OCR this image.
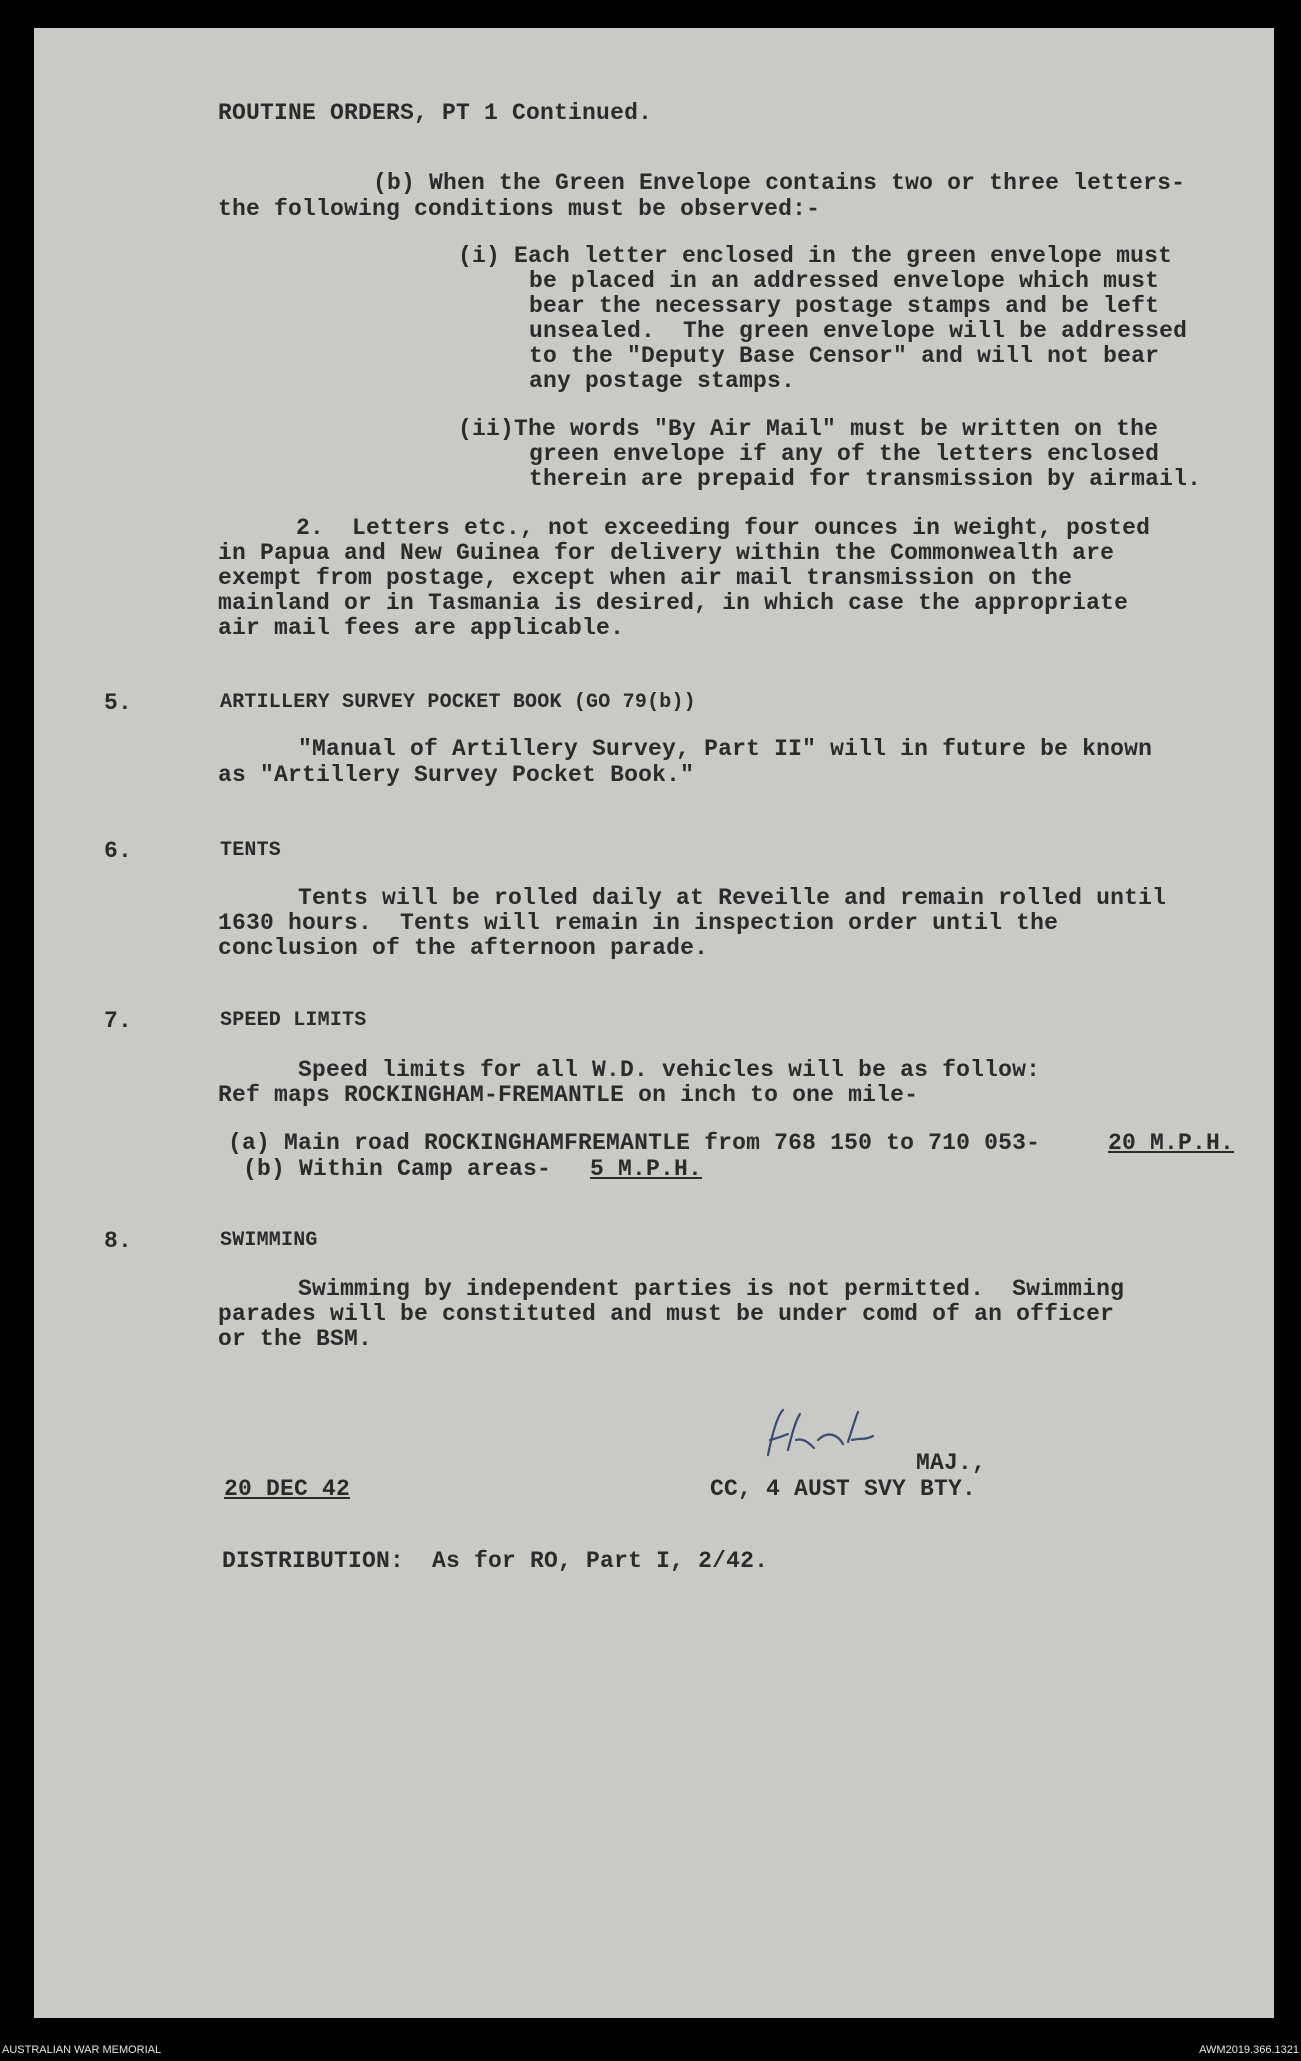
ROUTINE ORDERS, PT 1 Continued.
(b) When the Green Envelope contains two or three letters-
the following conditions must be observed:-
(i) Each letter enclosed in the green envelope must
be placed in an addressed envelope which must
bear the necessary postage stamps and be left
unsealed.  The green envelope will be addressed
to the "Deputy Base Censor" and will not bear
any postage stamps.
(ii)The words "By Air Mail" must be written on the
green envelope if any of the letters enclosed
therein are prepaid for transmission by airmail.
2.  Letters etc., not exceeding four ounces in weight, posted
in Papua and New Guinea for delivery within the Commonwealth are
exempt from postage, except when air mail transmission on the
mainland or in Tasmania is desired, in which case the appropriate
air mail fees are applicable.
5.	ARTILLERY SURVEY POCKET BOOK (GO 79(b))
"Manual of Artillery Survey, Part II" will in future be known
as "Artillery Survey Pocket Book."
6.	TENTS
Tents will be rolled daily at Reveille and remain rolled until
1630 hours.  Tents will remain in inspection order until the
conclusion of the afternoon parade.
7.	SPEED LIMITS
Speed limits for all W.D. vehicles will be as follow:
Ref maps ROCKINGHAM-FREMANTLE on inch to one mile-
(a) Main road ROCKINGHAMFREMANTLE from 768 150 to 710 053-	20 M.P.H.
(b) Within Camp areas- 5 M.P.H.
8.	SWIMMING
Swimming by independent parties is not permitted.  Swimming
parades will be constituted and must be under comd of an officer
or the BSM.
MAJ.,
20 DEC 42	CC, 4 AUST SVY BTY.
DISTRIBUTION:  As for RO, Part I, 2/42.
AUSTRALIAN WAR MEMORIAL	AWM2019.366.1321
